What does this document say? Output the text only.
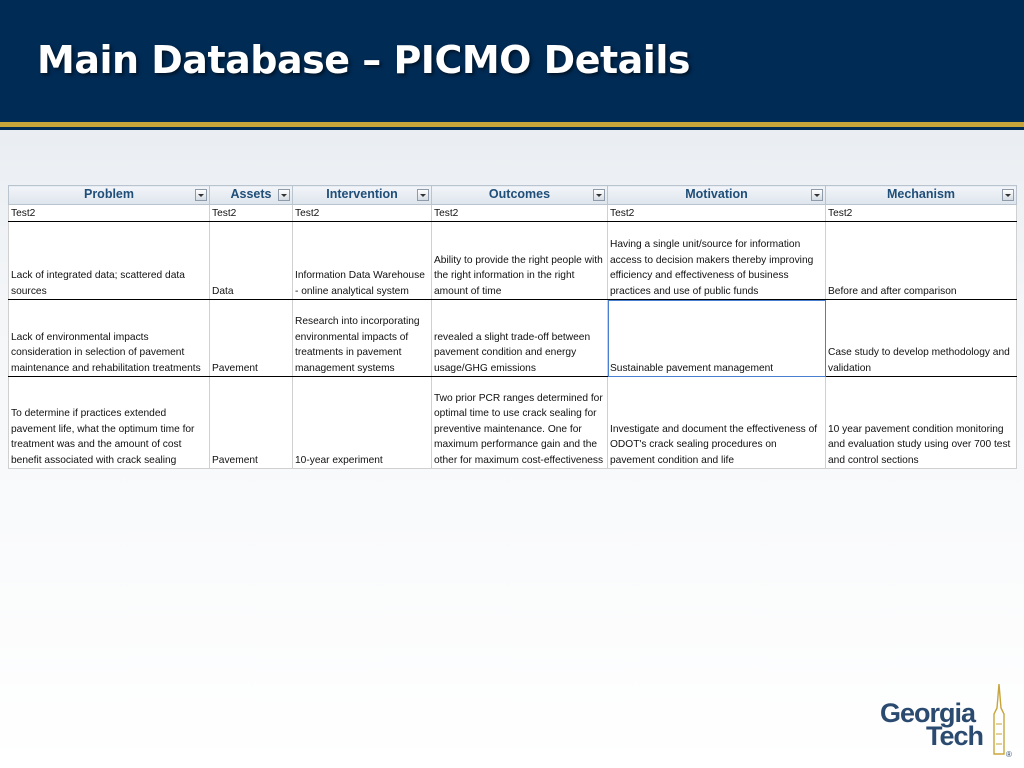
Main Database – PICMO Details
Problem	Assets	Intervention	Outcomes	Motivation	Mechanism

Test2	Test2	Test2	Test2	Test2	Test2
Lack of integrated data; scattered data sources	Data	Information Data Warehouse - online analytical system	Ability to provide the right people with the right information in the right amount of time	Having a single unit/source for information access to decision makers thereby improving efficiency and effectiveness of business practices and use of public funds	Before and after comparison
Lack of environmental impacts consideration in selection of pavement maintenance and rehabilitation treatments	Pavement	Research into incorporating environmental impacts of treatments in pavement management systems	revealed a slight trade-off between pavement condition and energy usage/GHG emissions	Sustainable pavement management	Case study to develop methodology and validation
To determine if practices extended pavement life, what the optimum time for treatment was and the amount of cost benefit associated with crack sealing	Pavement	10-year experiment	Two prior PCR ranges determined for optimal time to use crack sealing for preventive maintenance. One for maximum performance gain and the other for maximum cost-effectiveness	Investigate and document the effectiveness of ODOT's crack sealing procedures on pavement condition and life	10 year pavement condition monitoring and evaluation study using over 700 test and control sections
Georgia
Tech
®
